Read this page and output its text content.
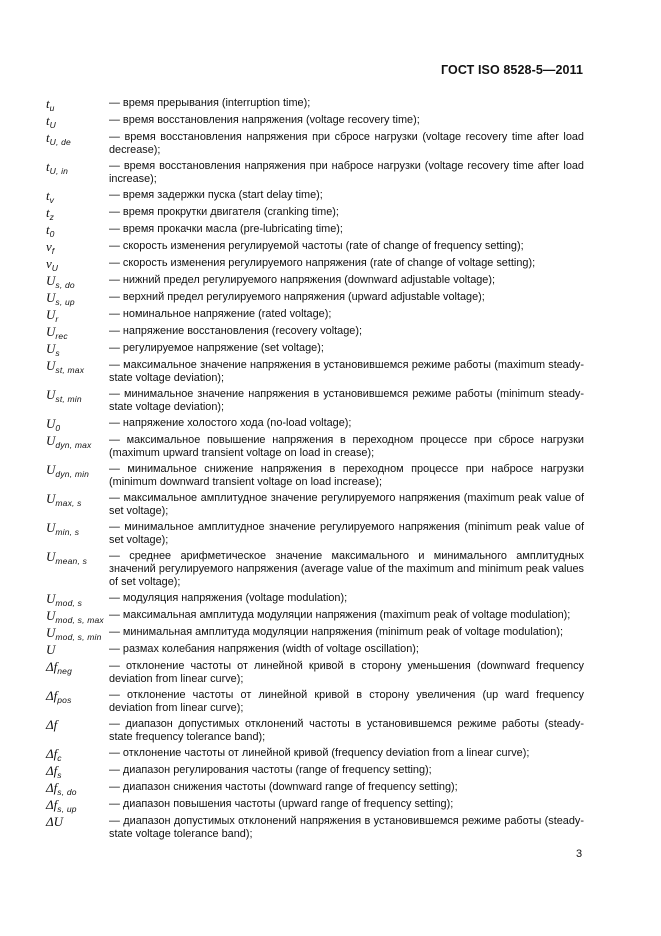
ГОСТ ISO 8528-5—2011
$t_u$	— время прерывания (interruption time);
$t_U$	— время восстановления напряжения (voltage recovery time);
$t_{U, de}$	— время восстановления напряжения при сбросе нагрузки (voltage recovery time after load decrease);
$t_{U, in}$	— время восстановления напряжения при набросе нагрузки (voltage recovery time after load increase);
$t_v$	— время задержки пуска (start delay time);
$t_z$	— время прокрутки двигателя (cranking time);
$t_0$	— время прокачки масла (pre-lubricating time);
$v_f$	— скорость изменения регулируемой частоты (rate of change of frequency setting);
$v_U$	— скорость изменения регулируемого напряжения (rate of change of voltage setting);
$U_{s, do}$	— нижний предел регулируемого напряжения (downward adjustable voltage);
$U_{s, up}$	— верхний предел регулируемого напряжения (upward adjustable voltage);
$U_r$	— номинальное напряжение (rated voltage);
$U_{rec}$	— напряжение восстановления (recovery voltage);
$U_s$	— регулируемое напряжение (set voltage);
$U_{st, max}$	— максимальное значение напряжения в установившемся режиме работы (maximum steady-state voltage deviation);
$U_{st, min}$	— минимальное значение напряжения в установившемся режиме работы (minimum steady-state voltage deviation);
$U_0$	— напряжение холостого хода (no-load voltage);
$U_{dyn, max}$	— максимальное повышение напряжения в переходном процессе при сбросе нагрузки (maximum upward transient voltage on load in crease);
$U_{dyn, min}$	— минимальное снижение напряжения в переходном процессе при набросе нагрузки (minimum downward transient voltage on load increase);
$U_{max, s}$	— максимальное амплитудное значение регулируемого напряжения (maximum peak value of set voltage);
$U_{min, s}$	— минимальное амплитудное значение регулируемого напряжения (minimum peak value of set voltage);
$U_{mean, s}$	— среднее арифметическое значение максимального и минимального амплитудных значений регулируемого напряжения (average value of the maximum and minimum peak values of set voltage);
$U_{mod, s}$	— модуляция напряжения (voltage modulation);
$U_{mod, s, max}$ — максимальная амплитуда модуляции напряжения (maximum peak of voltage modulation);
$U_{mod, s, min}$ — минимальная амплитуда модуляции напряжения (minimum peak of voltage modulation);
U	— размах колебания напряжения (width of voltage oscillation);
$\Delta f_{neg}$	— отклонение частоты от линейной кривой в сторону уменьшения (downward frequency deviation from linear curve);
$\Delta f_{pos}$	— отклонение частоты от линейной кривой в сторону увеличения (up ward frequency deviation from linear curve);
Δf	— диапазон допустимых отклонений частоты в установившемся режиме работы (steady-state frequency tolerance band);
$\Delta f_c$	— отклонение частоты от линейной кривой (frequency deviation from a linear curve);
$\Delta f_s$	— диапазон регулирования частоты (range of frequency setting);
$\Delta f_{s, do}$	— диапазон снижения частоты (downward range of frequency setting);
$\Delta f_{s, up}$	— диапазон повышения частоты (upward range of frequency setting);
ΔU	— диапазон допустимых отклонений напряжения в установившемся режиме работы (steady-state voltage tolerance band);
3
